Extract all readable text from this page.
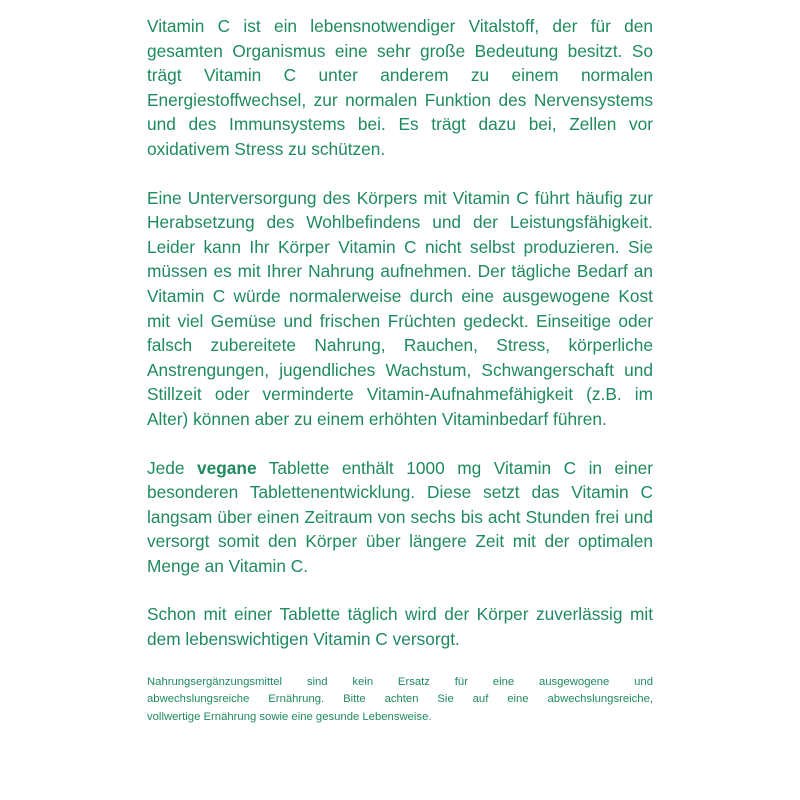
Vitamin C ist ein lebensnotwendiger Vitalstoff, der für den gesamten Organismus eine sehr große Bedeutung besitzt. So trägt Vitamin C unter anderem zu einem normalen Energiestoffwechsel, zur normalen Funktion des Nervensystems und des Immunsystems bei. Es trägt dazu bei, Zellen vor oxidativem Stress zu schützen.

Eine Unterversorgung des Körpers mit Vitamin C führt häufig zur Herabsetzung des Wohlbefindens und der Leistungsfähigkeit. Leider kann Ihr Körper Vitamin C nicht selbst produzieren. Sie müssen es mit Ihrer Nahrung aufnehmen. Der tägliche Bedarf an Vitamin C würde normalerweise durch eine ausgewogene Kost mit viel Gemüse und frischen Früchten gedeckt. Einseitige oder falsch zubereitete Nahrung, Rauchen, Stress, körperliche Anstrengungen, jugendliches Wachstum, Schwangerschaft und Stillzeit oder verminderte Vitamin-Aufnahmefähigkeit (z.B. im Alter) können aber zu einem erhöhten Vitaminbedarf führen.

Jede vegane Tablette enthält 1000 mg Vitamin C in einer besonderen Tablettenentwicklung. Diese setzt das Vitamin C langsam über einen Zeitraum von sechs bis acht Stunden frei und versorgt somit den Körper über längere Zeit mit der optimalen Menge an Vitamin C.

Schon mit einer Tablette täglich wird der Körper zuverlässig mit dem lebenswichtigen Vitamin C versorgt.

Nahrungsergänzungsmittel sind kein Ersatz für eine ausgewogene und
abwechslungsreiche Ernährung. Bitte achten Sie auf eine abwechslungsreiche,
vollwertige Ernährung sowie eine gesunde Lebensweise.
